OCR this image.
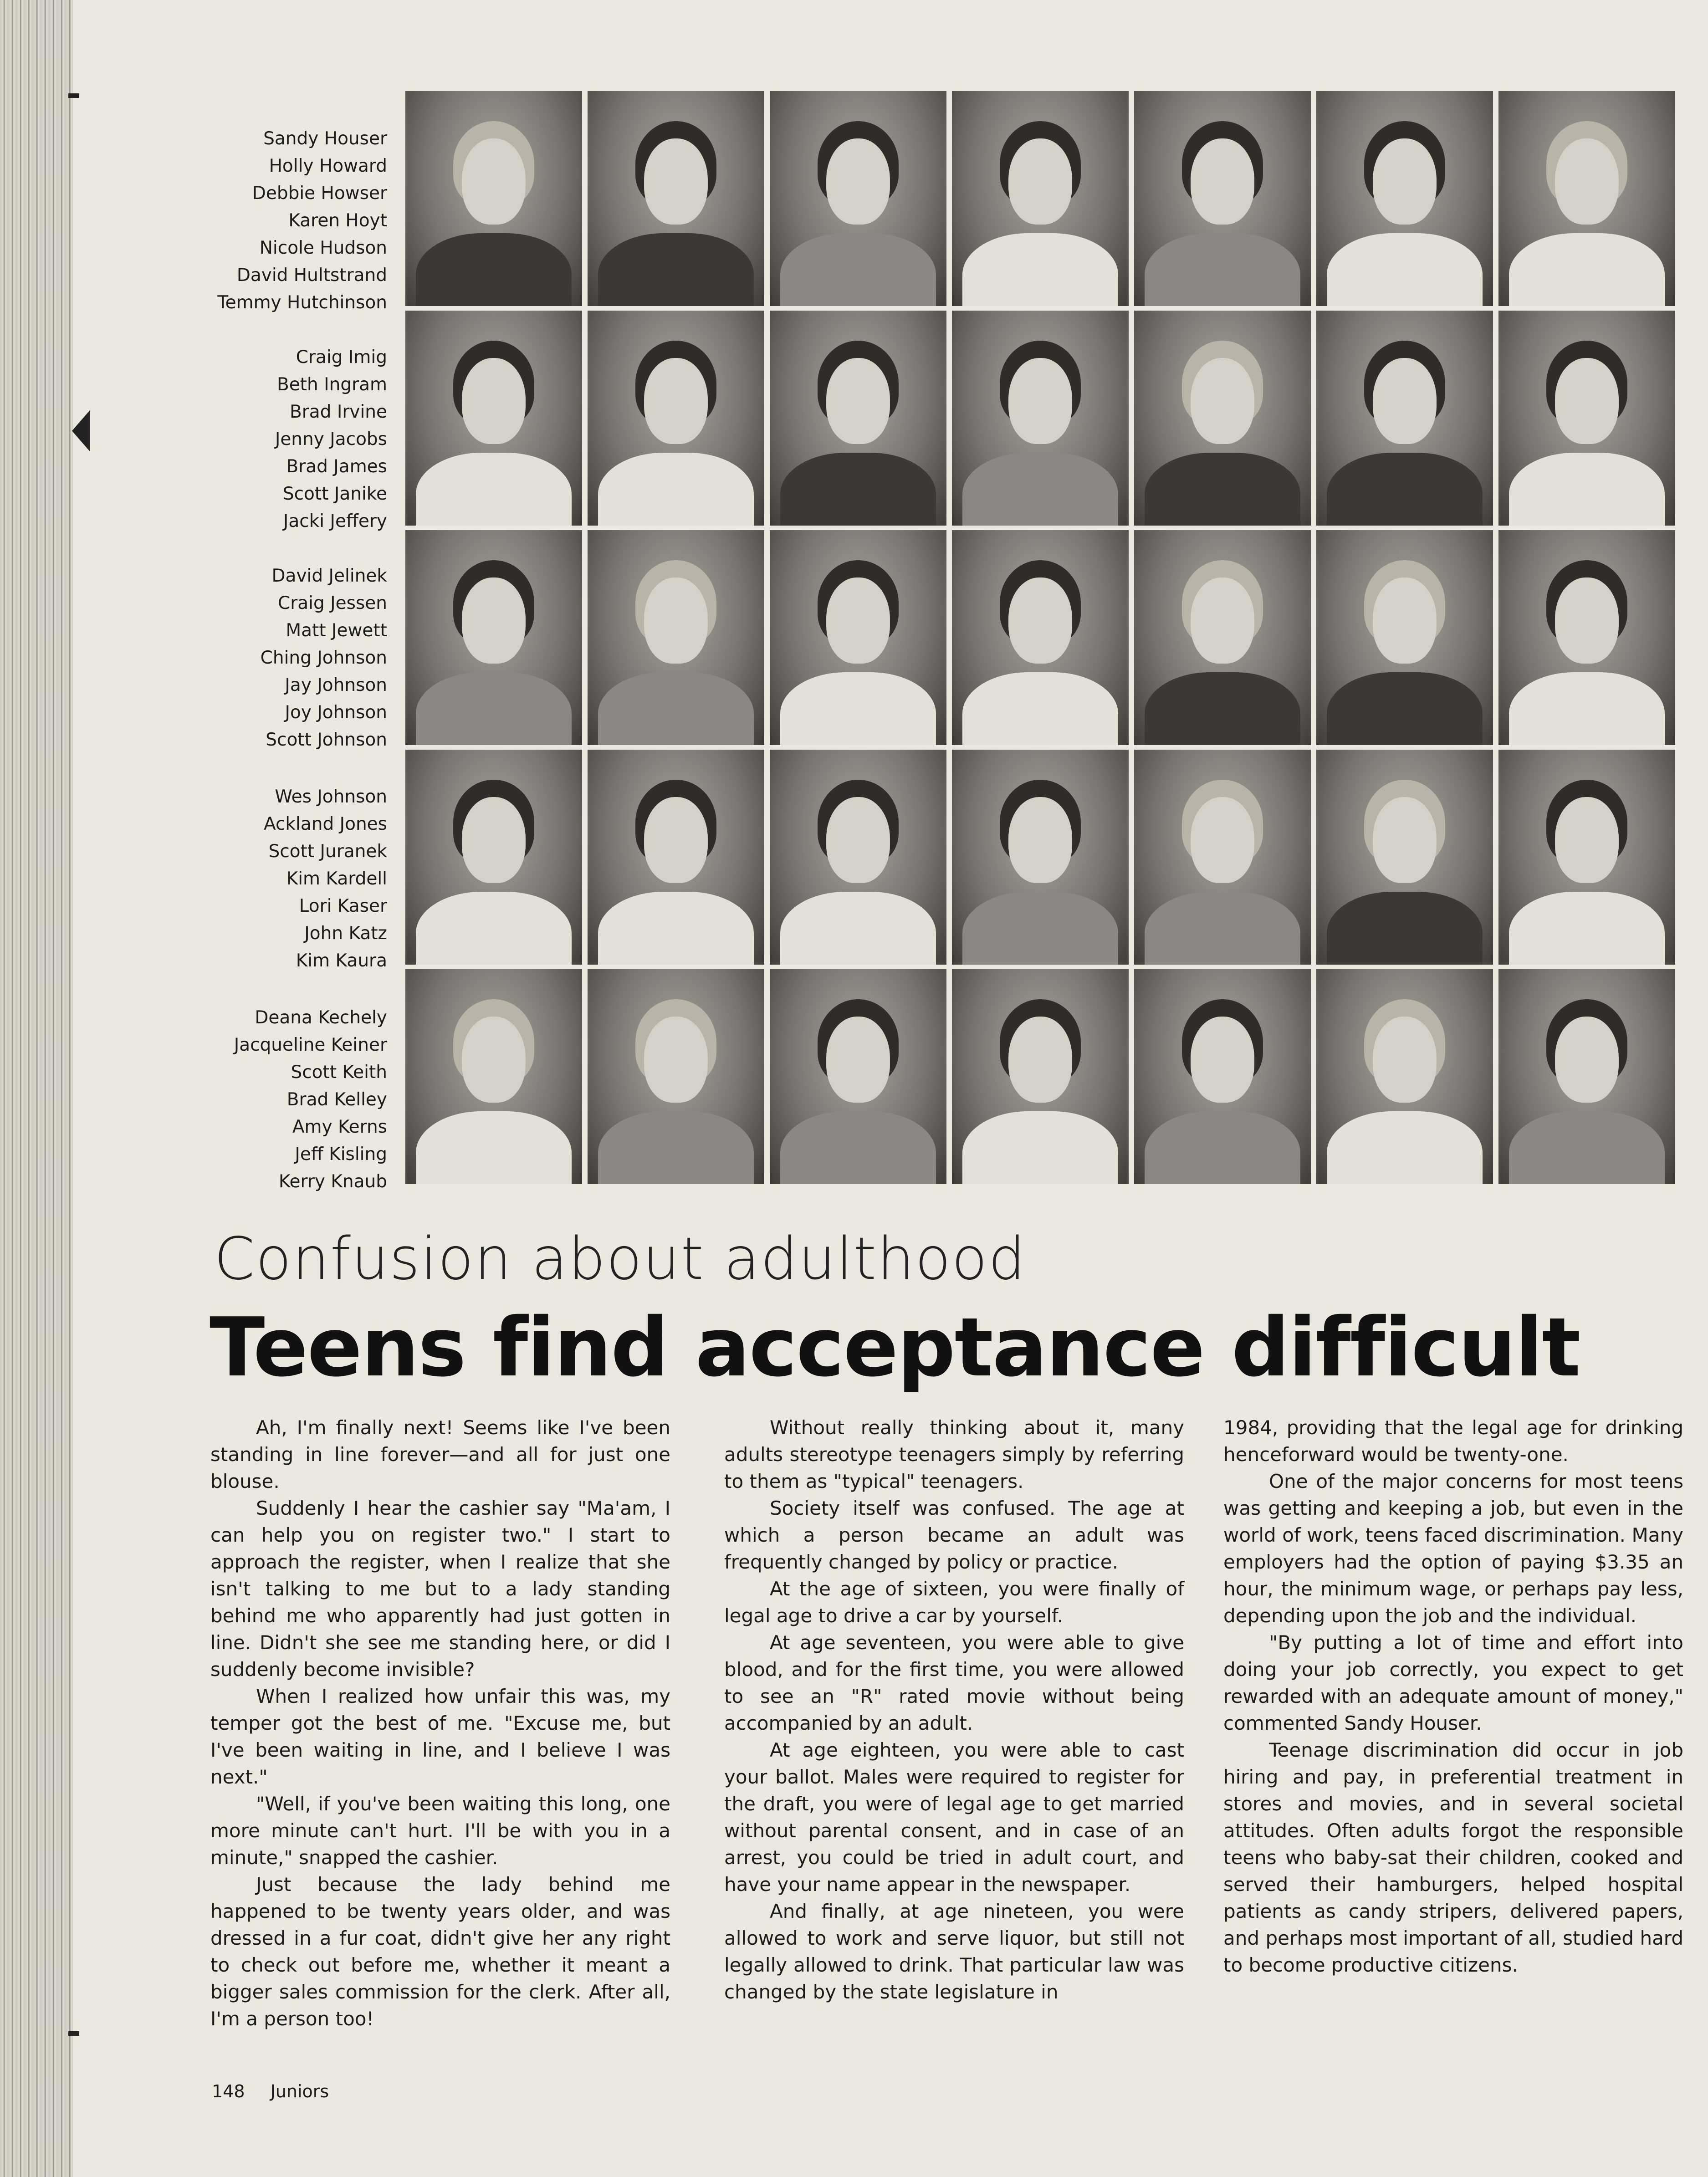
Sandy Houser
Holly Howard
Debbie Howser
Karen Hoyt
Nicole Hudson
David Hultstrand
Temmy Hutchinson
Craig Imig
Beth Ingram
Brad Irvine
Jenny Jacobs
Brad James
Scott Janike
Jacki Jeffery
David Jelinek
Craig Jessen
Matt Jewett
Ching Johnson
Jay Johnson
Joy Johnson
Scott Johnson
Wes Johnson
Ackland Jones
Scott Juranek
Kim Kardell
Lori Kaser
John Katz
Kim Kaura
Deana Kechely
Jacqueline Keiner
Scott Keith
Brad Kelley
Amy Kerns
Jeff Kisling
Kerry Knaub
Confusion about adulthood
Teens find acceptance difficult

Ah, I'm finally next! Seems like I've been standing in line forever—and all for just one blouse.

Suddenly I hear the cashier say "Ma'am, I can help you on register two." I start to approach the register, when I realize that she isn't talking to me but to a lady standing behind me who apparently had just gotten in line. Didn't she see me standing here, or did I suddenly become invisible?

When I realized how unfair this was, my temper got the best of me. "Excuse me, but I've been waiting in line, and I believe I was next."

"Well, if you've been waiting this long, one more minute can't hurt. I'll be with you in a minute," snapped the cashier.

Just because the lady behind me happened to be twenty years older, and was dressed in a fur coat, didn't give her any right to check out before me, whether it meant a bigger sales commission for the clerk. After all, I'm a person too!

Without really thinking about it, many adults stereotype teenagers simply by referring to them as "typical" teenagers.

Society itself was confused. The age at which a person became an adult was frequently changed by policy or practice.

At the age of sixteen, you were finally of legal age to drive a car by yourself.

At age seventeen, you were able to give blood, and for the first time, you were allowed to see an "R" rated movie without being accompanied by an adult.

At age eighteen, you were able to cast your ballot. Males were required to register for the draft, you were of legal age to get married without parental consent, and in case of an arrest, you could be tried in adult court, and have your name appear in the newspaper.

And finally, at age nineteen, you were allowed to work and serve liquor, but still not legally allowed to drink. That particular law was changed by the state legislature in

1984, providing that the legal age for drinking henceforward would be twenty-one.

One of the major concerns for most teens was getting and keeping a job, but even in the world of work, teens faced discrimination. Many employers had the option of paying $3.35 an hour, the minimum wage, or perhaps pay less, depending upon the job and the individual.

"By putting a lot of time and effort into doing your job correctly, you expect to get rewarded with an adequate amount of money," commented Sandy Houser.

Teenage discrimination did occur in job hiring and pay, in preferential treatment in stores and movies, and in several societal attitudes. Often adults forgot the responsible teens who baby-sat their children, cooked and served their hamburgers, helped hospital patients as candy stripers, delivered papers, and perhaps most important of all, studied hard to become productive citizens.

148 Juniors
